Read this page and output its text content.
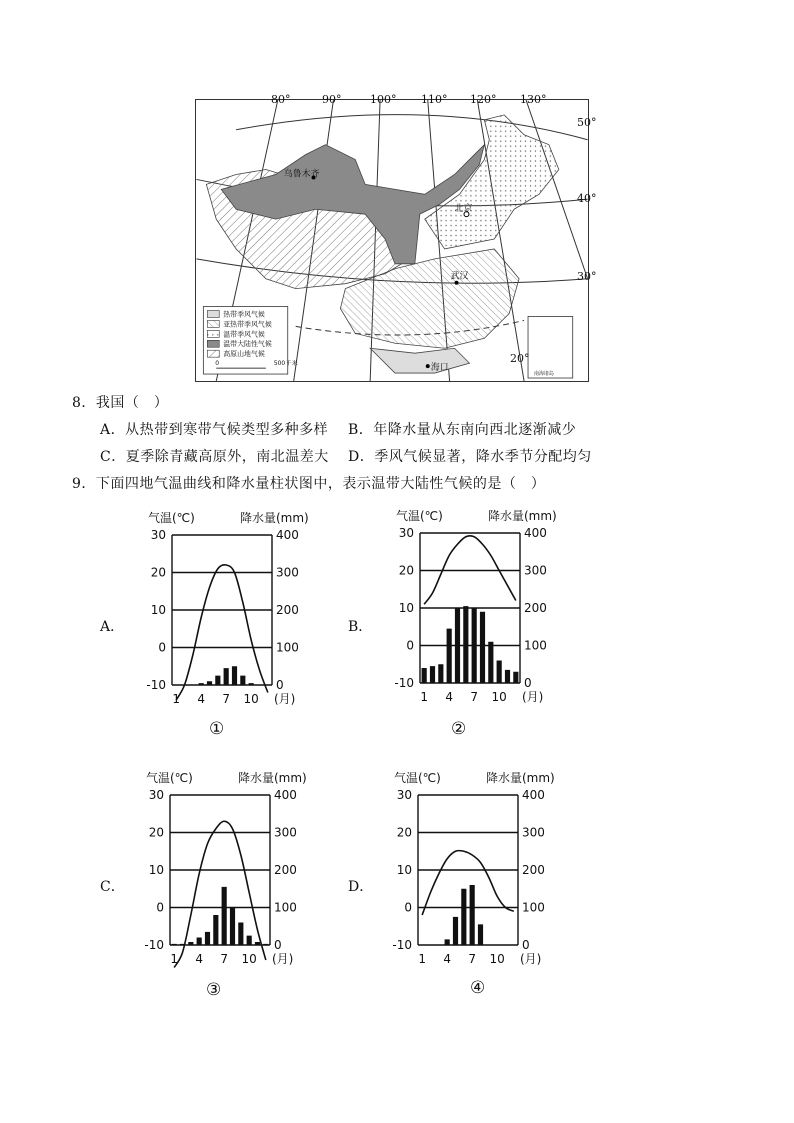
乌鲁木齐
北京
武汉
海口
热带季风气候
亚热带季风气候
温带季风气候
温带大陆性气候
高原山地气候
0	500 千米
南海诸岛
80°	90°	100° 110° 120° 130°
50°
40°
30°
20°
8．我国（　）
A．从热带到寒带气候类型多种多样 B．年降水量从东南向西北逐渐减少
C．夏季除青藏高原外，南北温差大 D．季风气候显著，降水季节分配均匀
9．下面四地气温曲线和降水量柱状图中，表示温带大陆性气候的是（　）
A．	B．
C．	D．
气温(℃)	降水量(mm)
30
20
10
0
-10
400
300
200
100
0
1 4 7 10 (月)
气温(℃)	降水量(mm)
30
20
10
0
-10
400
300
200
100
0
1 4 7 10 (月)
气温(℃)	降水量(mm)
30
20
10
0
-10
400
300
200
100
0
1 4 7 10 (月)
气温(℃)	降水量(mm)
30
20
10
0
-10
400
300
200
100
0
1 4 7 10 (月)
①	②
③	④
